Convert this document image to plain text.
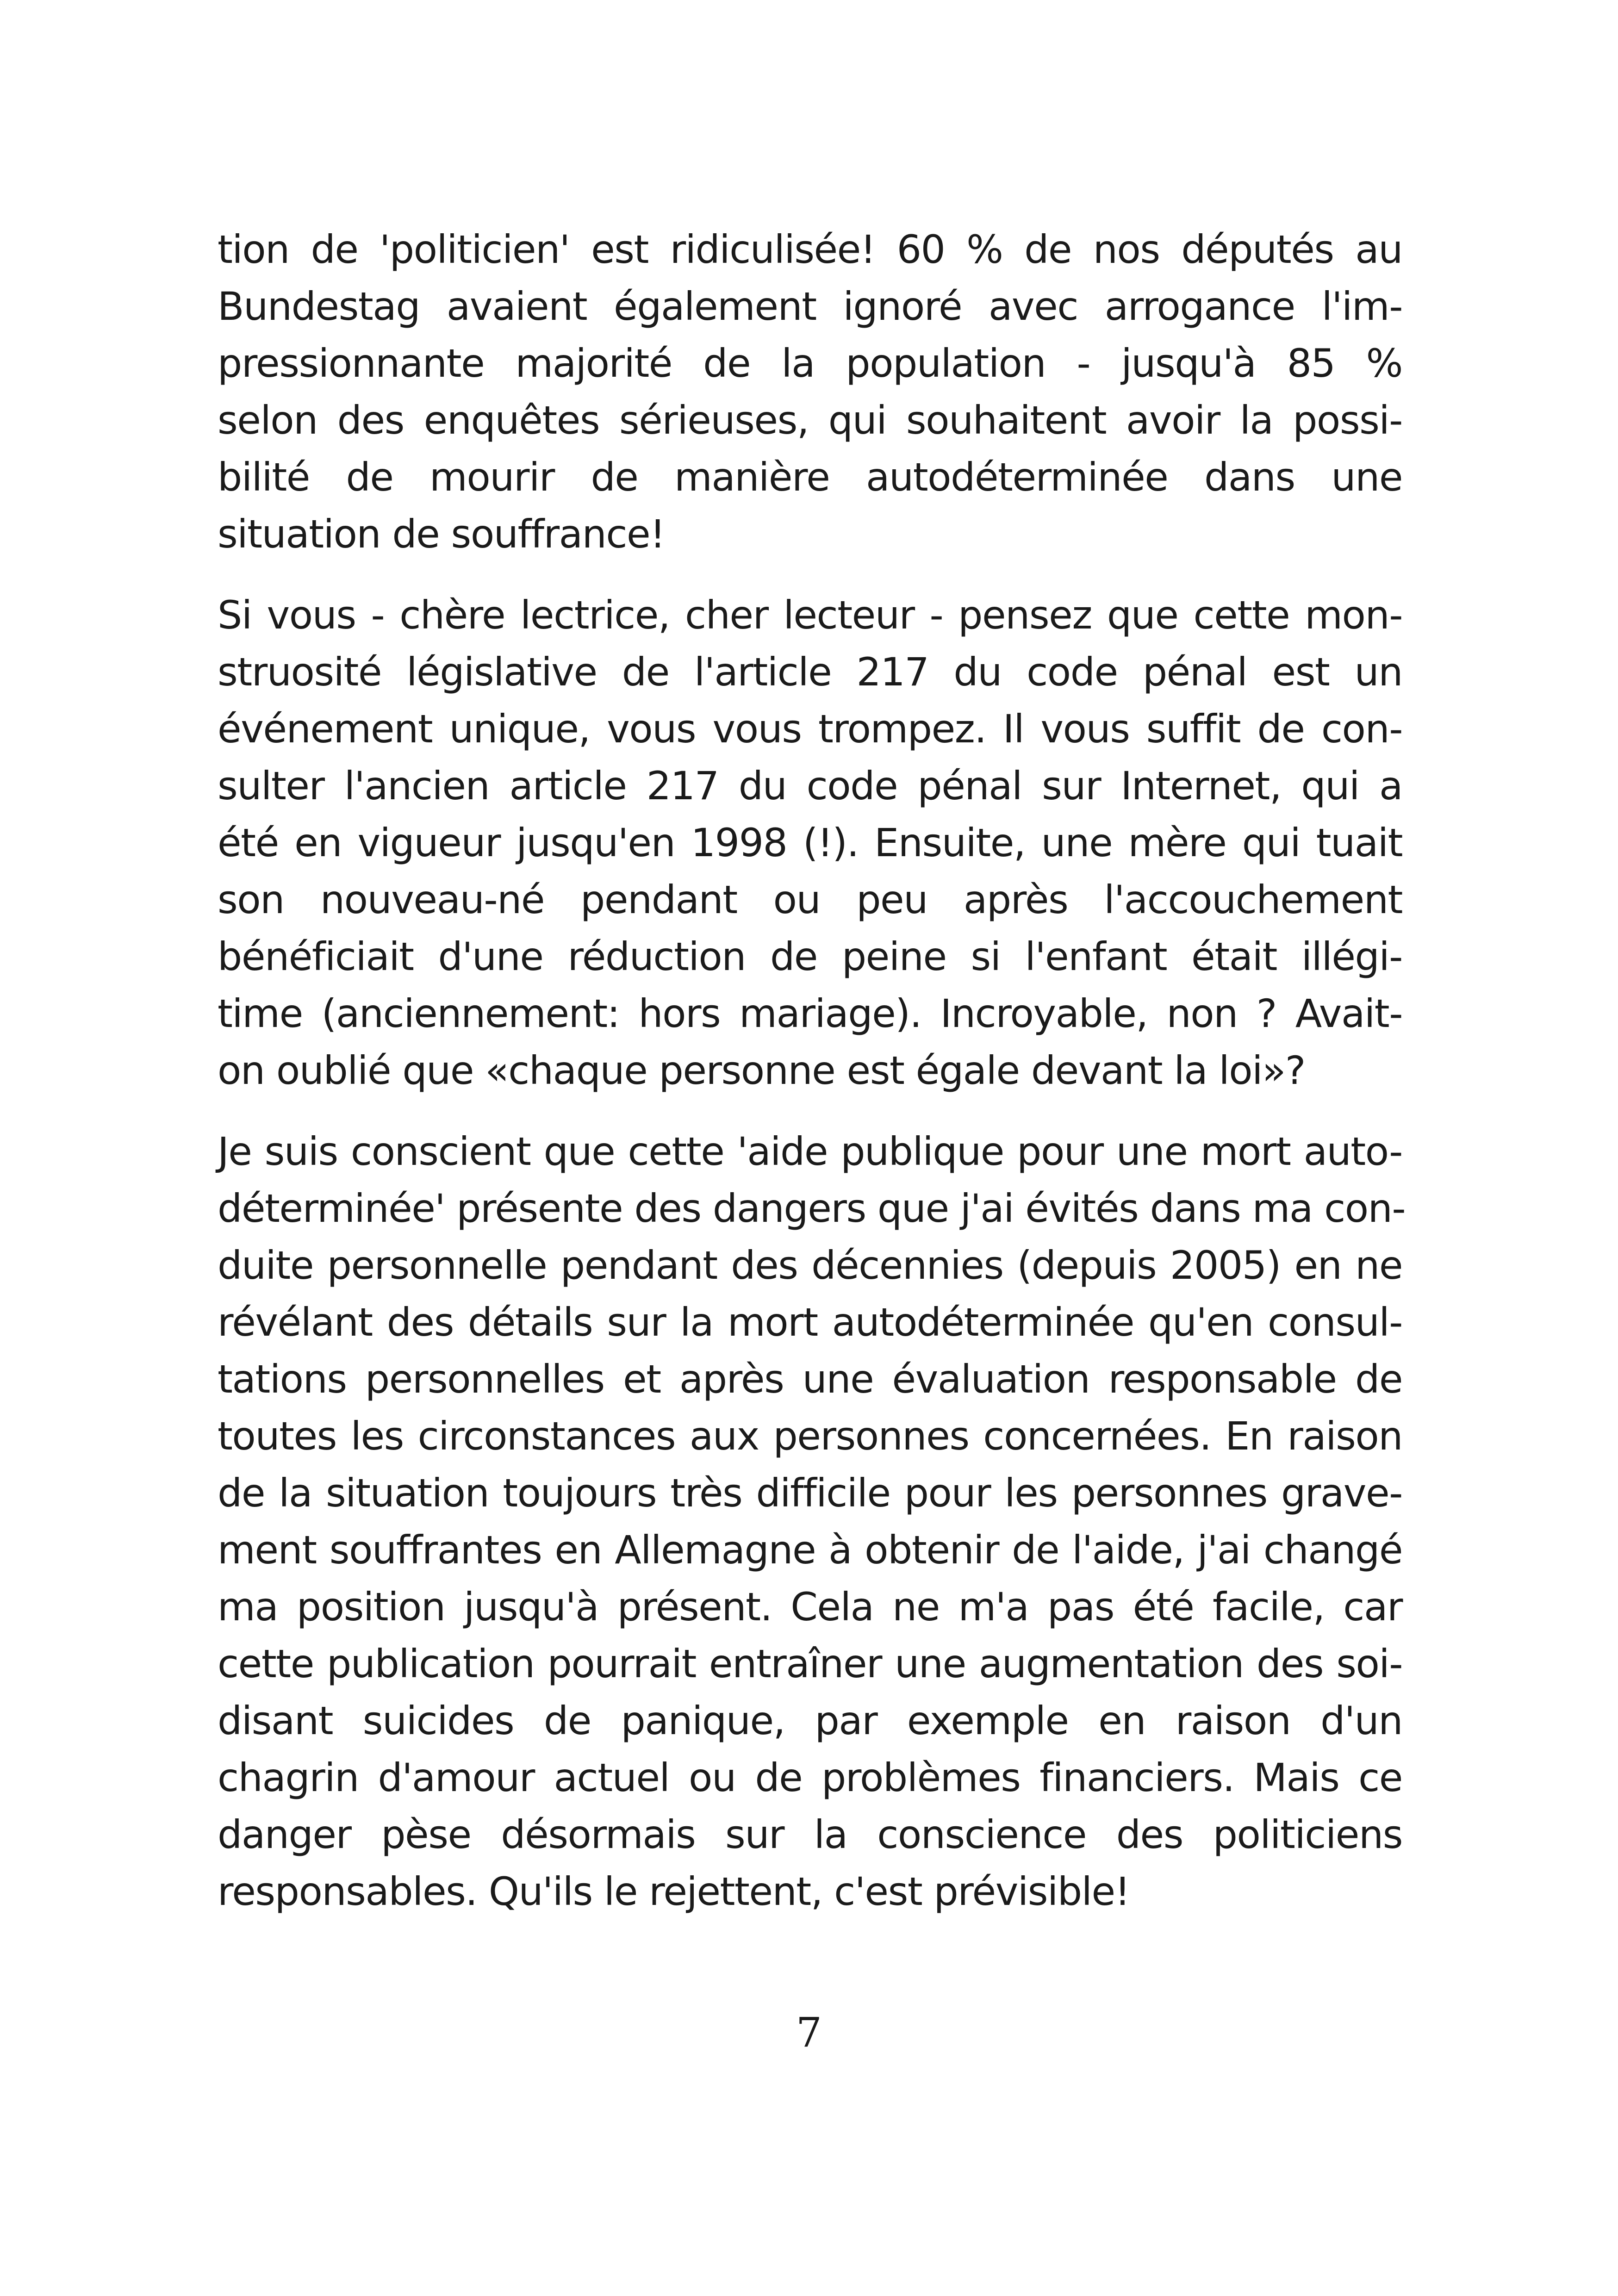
tion de 'politicien' est ridiculisée! 60 % de nos députés au
Bundestag avaient également ignoré avec arrogance l'im-
pressionnante majorité de la population - jusqu'à 85 %
selon des enquêtes sérieuses, qui souhaitent avoir la possi-
bilité de mourir de manière autodéterminée dans une
situation de souffrance!

Si vous - chère lectrice, cher lecteur - pensez que cette mon-
struosité législative de l'article 217 du code pénal est un
événement unique, vous vous trompez. Il vous suffit de con-
sulter l'ancien article 217 du code pénal sur Internet, qui a
été en vigueur jusqu'en 1998 (!). Ensuite, une mère qui tuait
son nouveau-né pendant ou peu après l'accouchement
bénéficiait d'une réduction de peine si l'enfant était illégi-
time (anciennement: hors mariage). Incroyable, non ? Avait-
on oublié que «chaque personne est égale devant la loi»?

Je suis conscient que cette 'aide publique pour une mort auto-
déterminée' présente des dangers que j'ai évités dans ma con-
duite personnelle pendant des décennies (depuis 2005) en ne
révélant des détails sur la mort autodéterminée qu'en consul-
tations personnelles et après une évaluation responsable de
toutes les circonstances aux personnes concernées. En raison
de la situation toujours très difficile pour les personnes grave-
ment souffrantes en Allemagne à obtenir de l'aide, j'ai changé
ma position jusqu'à présent. Cela ne m'a pas été facile, car
cette publication pourrait entraîner une augmentation des soi-
disant suicides de panique, par exemple en raison d'un
chagrin d'amour actuel ou de problèmes financiers. Mais ce
danger pèse désormais sur la conscience des politiciens
responsables. Qu'ils le rejettent, c'est prévisible!

7
